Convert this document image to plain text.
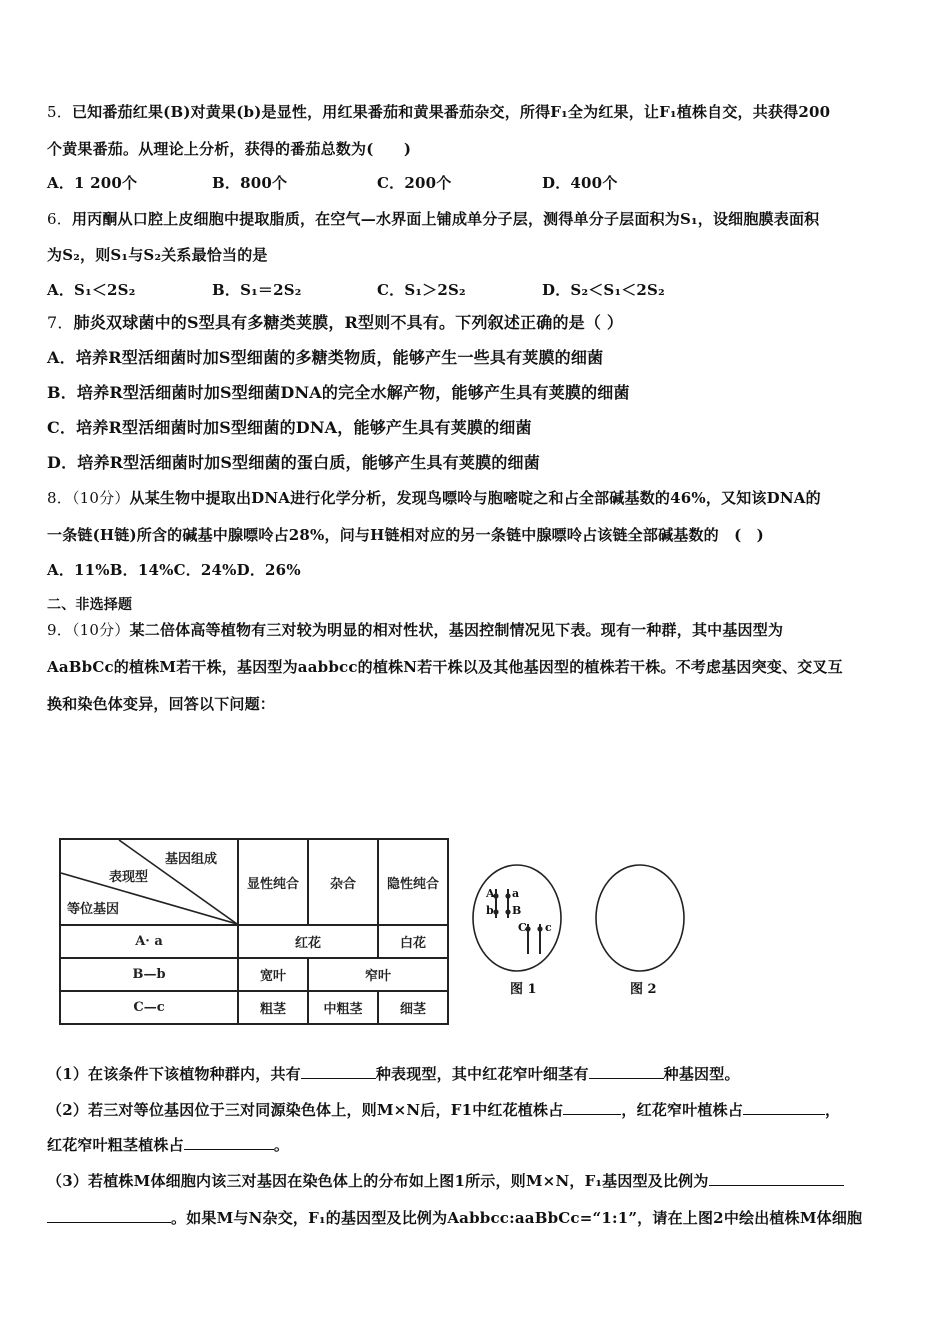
5．已知番茄红果(B)对黄果(b)是显性，用红果番茄和黄果番茄杂交，所得F₁全为红果，让F₁植株自交，共获得200
个黄果番茄。从理论上分析，获得的番茄总数为(　　)
A．1 200个	B．800个	C．200个	D．400个
6．用丙酮从口腔上皮细胞中提取脂质，在空气—水界面上铺成单分子层，测得单分子层面积为S₁，设细胞膜表面积
为S₂，则S₁与S₂关系最恰当的是
A．S₁＜2S₂	B．S₁＝2S₂	C．S₁＞2S₂	D．S₂＜S₁＜2S₂
7．肺炎双球菌中的S型具有多糖类荚膜，R型则不具有。下列叙述正确的是（ ）
A．培养R型活细菌时加S型细菌的多糖类物质，能够产生一些具有荚膜的细菌
B．培养R型活细菌时加S型细菌DNA的完全水解产物，能够产生具有荚膜的细菌
C．培养R型活细菌时加S型细菌的DNA，能够产生具有荚膜的细菌
D．培养R型活细菌时加S型细菌的蛋白质，能够产生具有荚膜的细菌
8．（10分）从某生物中提取出DNA进行化学分析，发现鸟嘌呤与胞嘧啶之和占全部碱基数的46%，又知该DNA的
一条链(H链)所含的碱基中腺嘌呤占28%，问与H链相对应的另一条链中腺嘌呤占该链全部碱基数的　(　)
A．11%B．14%C．24%D．26%
二、非选择题
9．（10分）某二倍体高等植物有三对较为明显的相对性状，基因控制情况见下表。现有一种群，其中基因型为
AaBbCc的植株M若干株，基因型为aabbcc的植株N若干株以及其他基因型的植株若干株。不考虑基因突变、交叉互
换和染色体变异，回答以下问题：
基因组成
表现型
等位基因	显性纯合	杂合	隐性纯合
A· a	红花		白花
B—b	宽叶	窄叶	
C—c	粗茎	中粗茎	细茎
A a
b B
C c
图 1	图 2
（1）在该条件下该植物种群内，共有	种表现型，其中红花窄叶细茎有	种基因型。
（2）若三对等位基因位于三对同源染色体上，则M×N后，F1中红花植株占	，红花窄叶植株占	，
红花窄叶粗茎植株占	。
（3）若植株M体细胞内该三对基因在染色体上的分布如上图1所示，则M×N，F₁基因型及比例为
。如果M与N杂交，F₁的基因型及比例为Aabbcc:aaBbCc=“1:1”，请在上图2中绘出植株M体细胞
